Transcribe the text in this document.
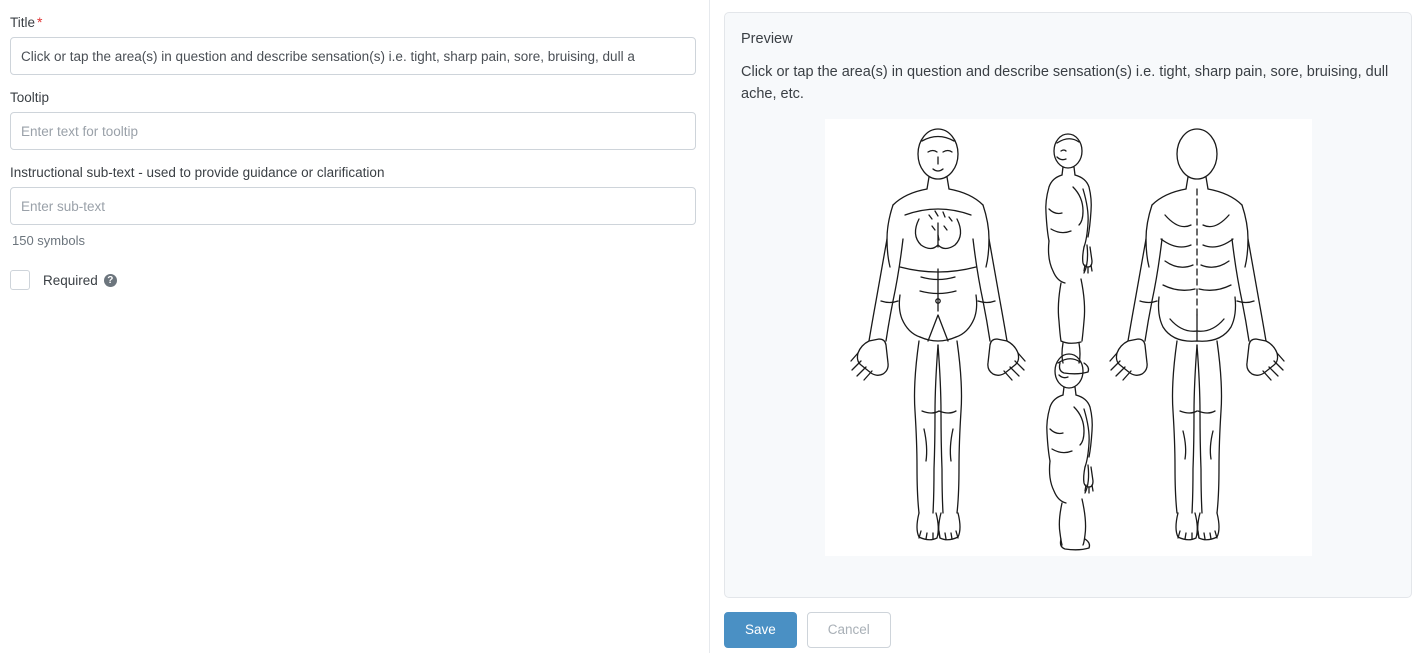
Title *
Click or tap the area(s) in question and describe sensation(s) i.e. tight, sharp pain, sore, bruising, dull a
Tooltip
Enter text for tooltip
Instructional sub-text - used to provide guidance or clarification
Enter sub-text
150 symbols
Required ?
Preview
Click or tap the area(s) in question and describe sensation(s) i.e. tight, sharp pain, sore, bruising, dull ache, etc.
Save	Cancel
